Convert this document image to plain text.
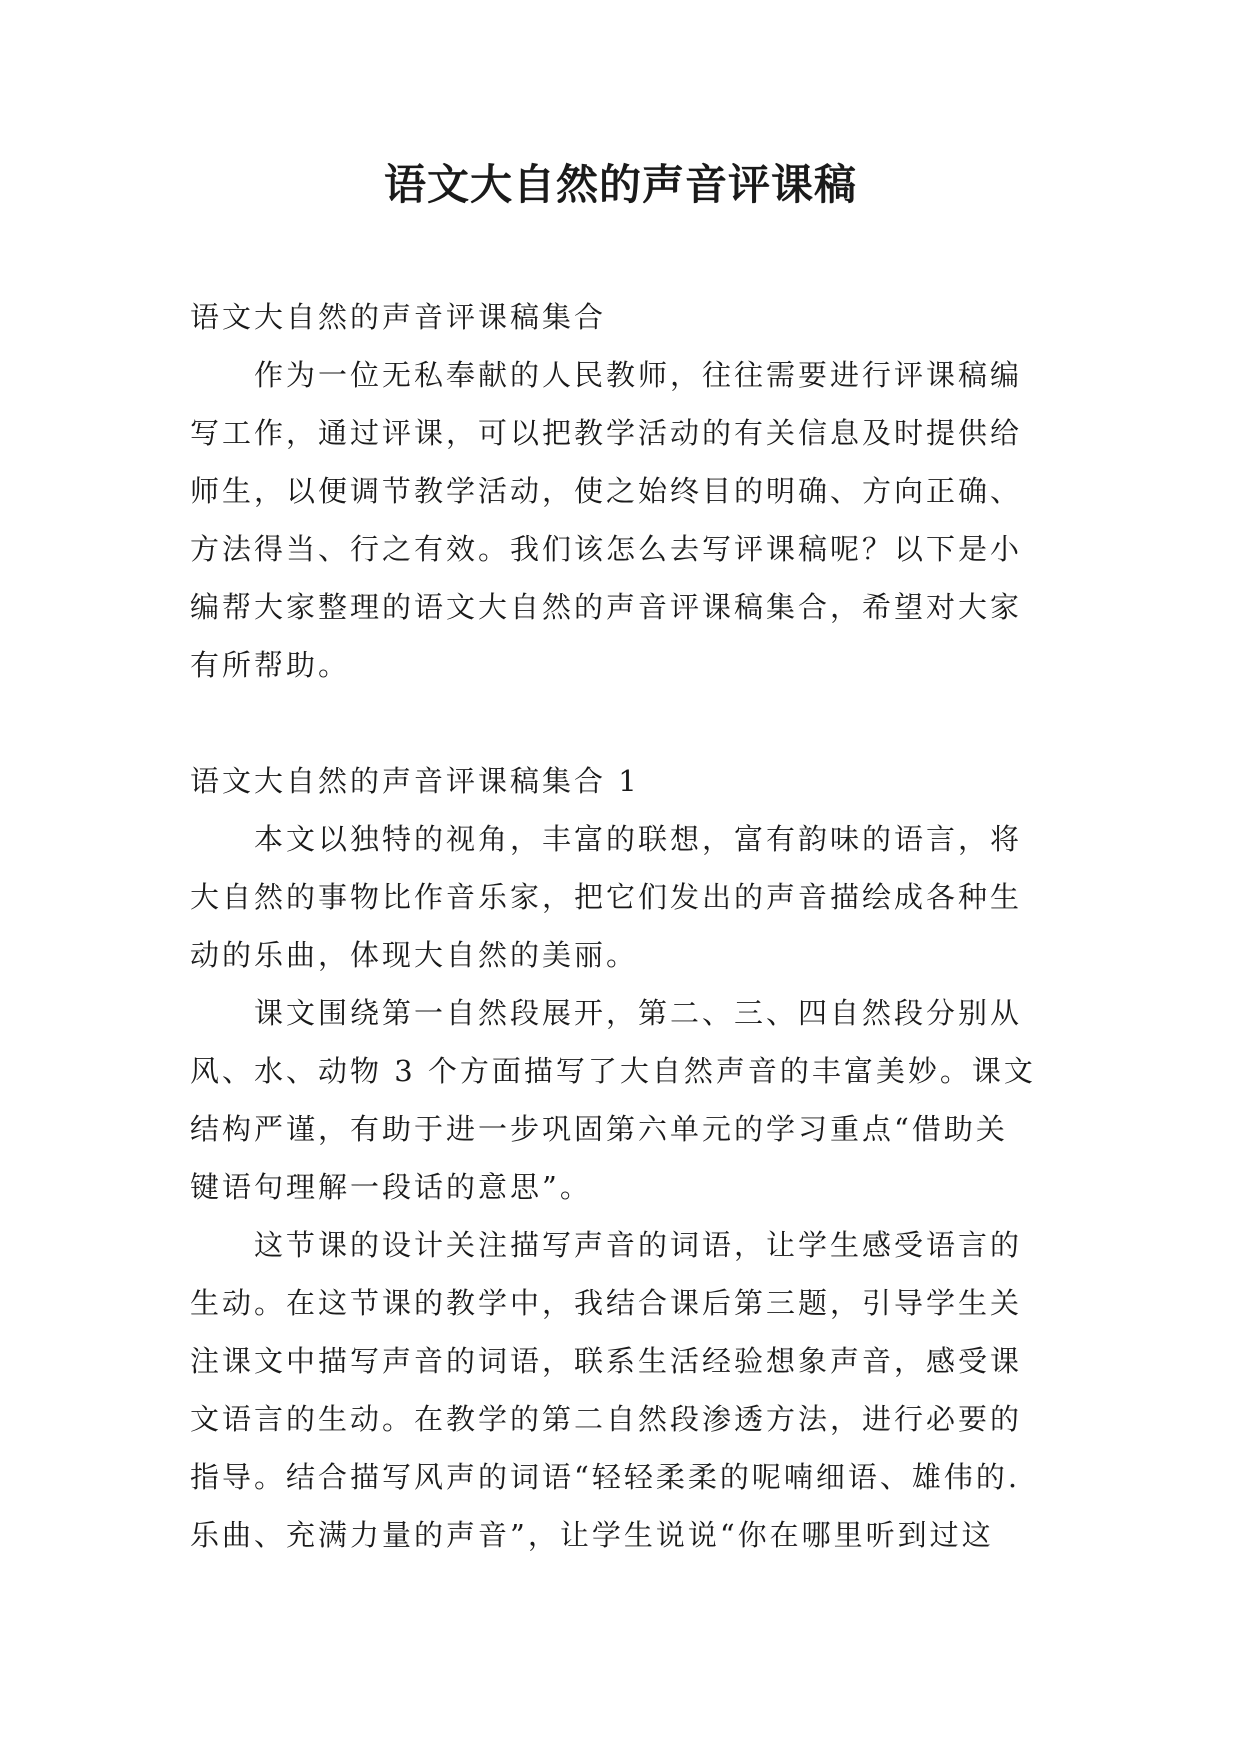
语文大自然的声音评课稿

语文大自然的声音评课稿集合

作为一位无私奉献的人民教师，往往需要进行评课稿编

写工作，通过评课，可以把教学活动的有关信息及时提供给

师生，以便调节教学活动，使之始终目的明确、方向正确、

方法得当、行之有效。我们该怎么去写评课稿呢？以下是小

编帮大家整理的语文大自然的声音评课稿集合，希望对大家

有所帮助。

语文大自然的声音评课稿集合 1

本文以独特的视角，丰富的联想，富有韵味的语言，将

大自然的事物比作音乐家，把它们发出的声音描绘成各种生

动的乐曲，体现大自然的美丽。

课文围绕第一自然段展开，第二、三、四自然段分别从

风、水、动物 3 个方面描写了大自然声音的丰富美妙。课文

结构严谨，有助于进一步巩固第六单元的学习重点“借助关

键语句理解一段话的意思”。

这节课的设计关注描写声音的词语，让学生感受语言的

生动。在这节课的教学中，我结合课后第三题，引导学生关

注课文中描写声音的词语，联系生活经验想象声音，感受课

文语言的生动。在教学的第二自然段渗透方法，进行必要的

指导。结合描写风声的词语“轻轻柔柔的呢喃细语、雄伟的.

乐曲、充满力量的声音”，让学生说说“你在哪里听到过这
